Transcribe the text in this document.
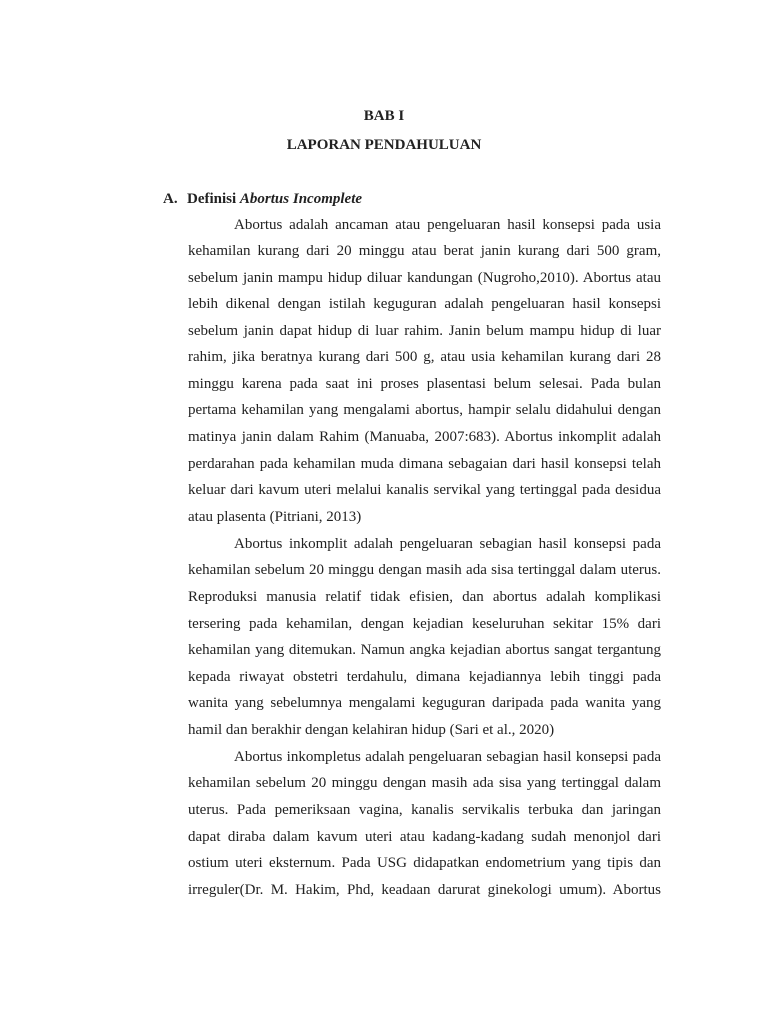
BAB I
LAPORAN PENDAHULUAN
A. Definisi Abortus Incomplete
Abortus adalah ancaman atau pengeluaran hasil konsepsi pada usia
kehamilan kurang dari 20 minggu atau berat janin kurang dari 500 gram,
sebelum janin mampu hidup diluar kandungan (Nugroho,2010). Abortus atau
lebih dikenal dengan istilah keguguran adalah pengeluaran hasil konsepsi
sebelum janin dapat hidup di luar rahim. Janin belum mampu hidup di luar
rahim, jika beratnya kurang dari 500 g, atau usia kehamilan kurang dari 28
minggu karena pada saat ini proses plasentasi belum selesai. Pada bulan
pertama kehamilan yang mengalami abortus, hampir selalu didahului dengan
matinya janin dalam Rahim (Manuaba, 2007:683). Abortus inkomplit adalah
perdarahan pada kehamilan muda dimana sebagaian dari hasil konsepsi telah
keluar dari kavum uteri melalui kanalis servikal yang tertinggal pada desidua
atau plasenta (Pitriani, 2013)
Abortus inkomplit adalah pengeluaran sebagian hasil konsepsi pada
kehamilan sebelum 20 minggu dengan masih ada sisa tertinggal dalam uterus.
Reproduksi manusia relatif tidak efisien, dan abortus adalah komplikasi
tersering pada kehamilan, dengan kejadian keseluruhan sekitar 15% dari
kehamilan yang ditemukan. Namun angka kejadian abortus sangat tergantung
kepada riwayat obstetri terdahulu, dimana kejadiannya lebih tinggi pada
wanita yang sebelumnya mengalami keguguran daripada pada wanita yang
hamil dan berakhir dengan kelahiran hidup (Sari et al., 2020)
Abortus inkompletus adalah pengeluaran sebagian hasil konsepsi pada
kehamilan sebelum 20 minggu dengan masih ada sisa yang tertinggal dalam
uterus. Pada pemeriksaan vagina, kanalis servikalis terbuka dan jaringan
dapat diraba dalam kavum uteri atau kadang-kadang sudah menonjol dari
ostium uteri eksternum. Pada USG didapatkan endometrium yang tipis dan
irreguler(Dr. M. Hakim, Phd, keadaan darurat ginekologi umum). Abortus
